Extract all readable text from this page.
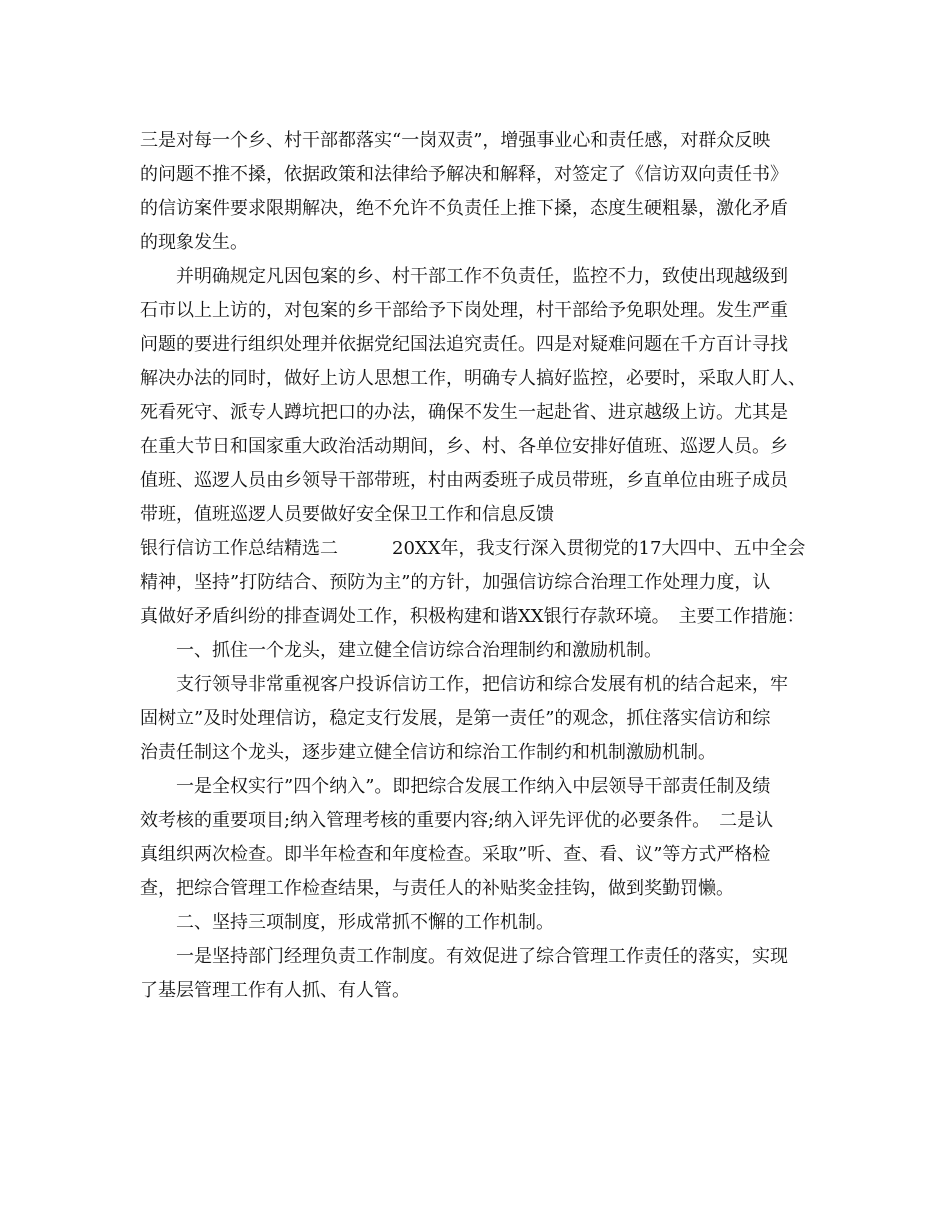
三是对每一个乡、村干部都落实“一岗双责”，增强事业心和责任感，对群众反映
的问题不推不搡，依据政策和法律给予解决和解释，对签定了《信访双向责任书》
的信访案件要求限期解决，绝不允许不负责任上推下搡，态度生硬粗暴，激化矛盾
的现象发生。
　　并明确规定凡因包案的乡、村干部工作不负责任，监控不力，致使出现越级到
石市以上上访的，对包案的乡干部给予下岗处理，村干部给予免职处理。发生严重
问题的要进行组织处理并依据党纪国法追究责任。四是对疑难问题在千方百计寻找
解决办法的同时，做好上访人思想工作，明确专人搞好监控，必要时，采取人盯人、
死看死守、派专人蹲坑把口的办法，确保不发生一起赴省、进京越级上访。尤其是
在重大节日和国家重大政治活动期间，乡、村、各单位安排好值班、巡逻人员。乡
值班、巡逻人员由乡领导干部带班，村由两委班子成员带班，乡直单位由班子成员
带班，值班巡逻人员要做好安全保卫工作和信息反馈
银行信访工作总结精选二　　　20XX年，我支行深入贯彻党的17大四中、五中全会
精神，坚持”打防结合、预防为主”的方针，加强信访综合治理工作处理力度，认
真做好矛盾纠纷的排查调处工作，积极构建和谐XX银行存款环境。　主要工作措施：
　　一、抓住一个龙头，建立健全信访综合治理制约和激励机制。
　　支行领导非常重视客户投诉信访工作，把信访和综合发展有机的结合起来，牢
固树立”及时处理信访，稳定支行发展，是第一责任”的观念，抓住落实信访和综
治责任制这个龙头，逐步建立健全信访和综治工作制约和机制激励机制。
　　一是全权实行”四个纳入”。即把综合发展工作纳入中层领导干部责任制及绩
效考核的重要项目;纳入管理考核的重要内容;纳入评先评优的必要条件。　二是认
真组织两次检查。即半年检查和年度检查。采取”听、查、看、议”等方式严格检
查，把综合管理工作检查结果，与责任人的补贴奖金挂钩，做到奖勤罚懒。
　　二、坚持三项制度，形成常抓不懈的工作机制。
　　一是坚持部门经理负责工作制度。有效促进了综合管理工作责任的落实，实现
了基层管理工作有人抓、有人管。
